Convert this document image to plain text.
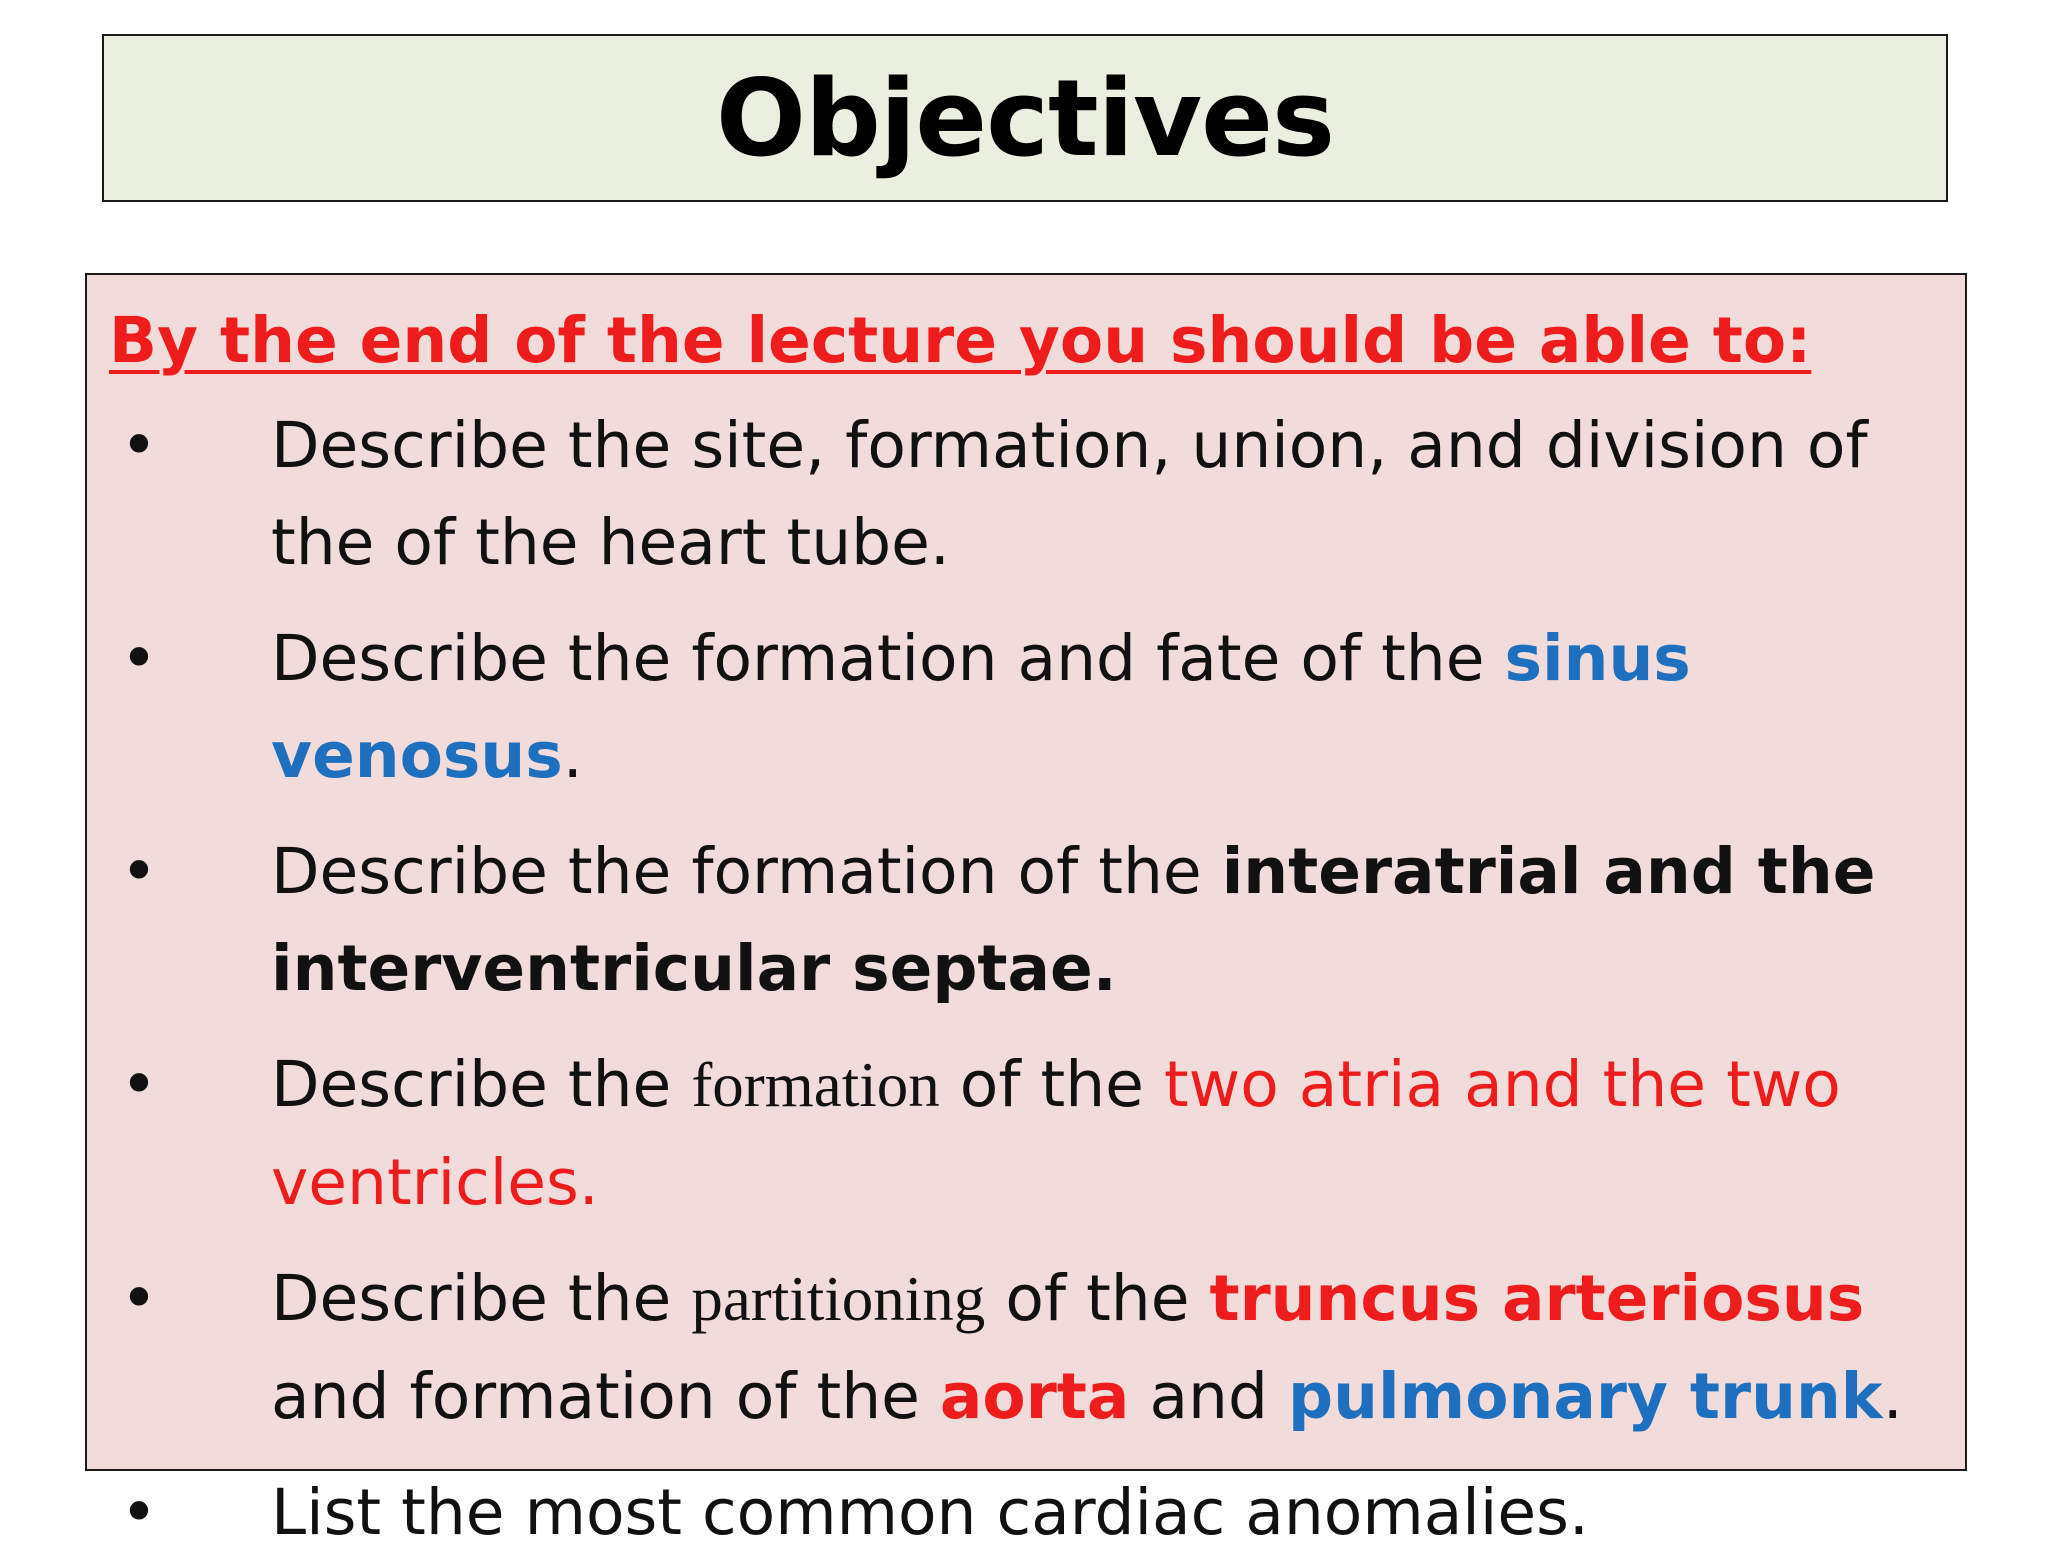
Objectives
By the end of the lecture you should be able to:
• Describe the site, formation, union, and division of the of the heart tube.
• Describe the formation and fate of the sinus venosus.
• Describe the formation of the interatrial and the interventricular septae.
• Describe the formation of the two atria and the two ventricles.
• Describe the partitioning of the truncus arteriosus and formation of the aorta and pulmonary trunk.
• List the most common cardiac anomalies.
